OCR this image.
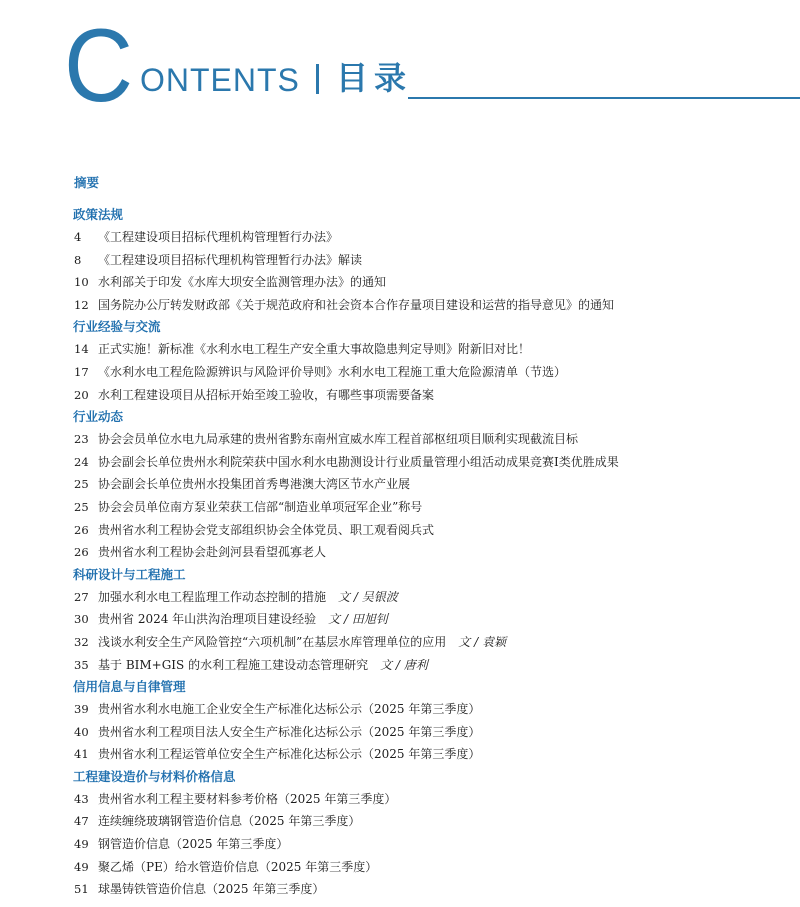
C ONTENTS 目录
摘要
政策法规
4	《工程建设项目招标代理机构管理暂行办法》
8	《工程建设项目招标代理机构管理暂行办法》解读
10 水利部关于印发《水库大坝安全监测管理办法》的通知
12 国务院办公厅转发财政部《关于规范政府和社会资本合作存量项目建设和运营的指导意见》的通知
行业经验与交流
14 正式实施！新标准《水利水电工程生产安全重大事故隐患判定导则》附新旧对比！
17 《水利水电工程危险源辨识与风险评价导则》水利水电工程施工重大危险源清单（节选）
20 水利工程建设项目从招标开始至竣工验收，有哪些事项需要备案
行业动态
23 协会会员单位水电九局承建的贵州省黔东南州宣威水库工程首部枢纽项目顺利实现截流目标
24 协会副会长单位贵州水利院荣获中国水利水电勘测设计行业质量管理小组活动成果竞赛Ⅰ类优胜成果
25 协会副会长单位贵州水投集团首秀粤港澳大湾区节水产业展
25 协会会员单位南方泵业荣获工信部“制造业单项冠军企业”称号
26 贵州省水利工程协会党支部组织协会全体党员、职工观看阅兵式
26 贵州省水利工程协会赴剑河县看望孤寡老人
科研设计与工程施工
27 加强水利水电工程监理工作动态控制的措施 文 / 吴银波
30 贵州省 2024 年山洪沟治理项目建设经验 文 / 田旭钊
32 浅谈水利安全生产风险管控“六项机制”在基层水库管理单位的应用 文 / 袁颖
35 基于 BIM+GIS 的水利工程施工建设动态管理研究 文 / 唐利
信用信息与自律管理
39 贵州省水利水电施工企业安全生产标准化达标公示（2025 年第三季度）
40 贵州省水利工程项目法人安全生产标准化达标公示（2025 年第三季度）
41 贵州省水利工程运管单位安全生产标准化达标公示（2025 年第三季度）
工程建设造价与材料价格信息
43 贵州省水利工程主要材料参考价格（2025 年第三季度）
47 连续缠绕玻璃钢管造价信息（2025 年第三季度）
49 钢管造价信息（2025 年第三季度）
49 聚乙烯（PE）给水管造价信息（2025 年第三季度）
51 球墨铸铁管造价信息（2025 年第三季度）
